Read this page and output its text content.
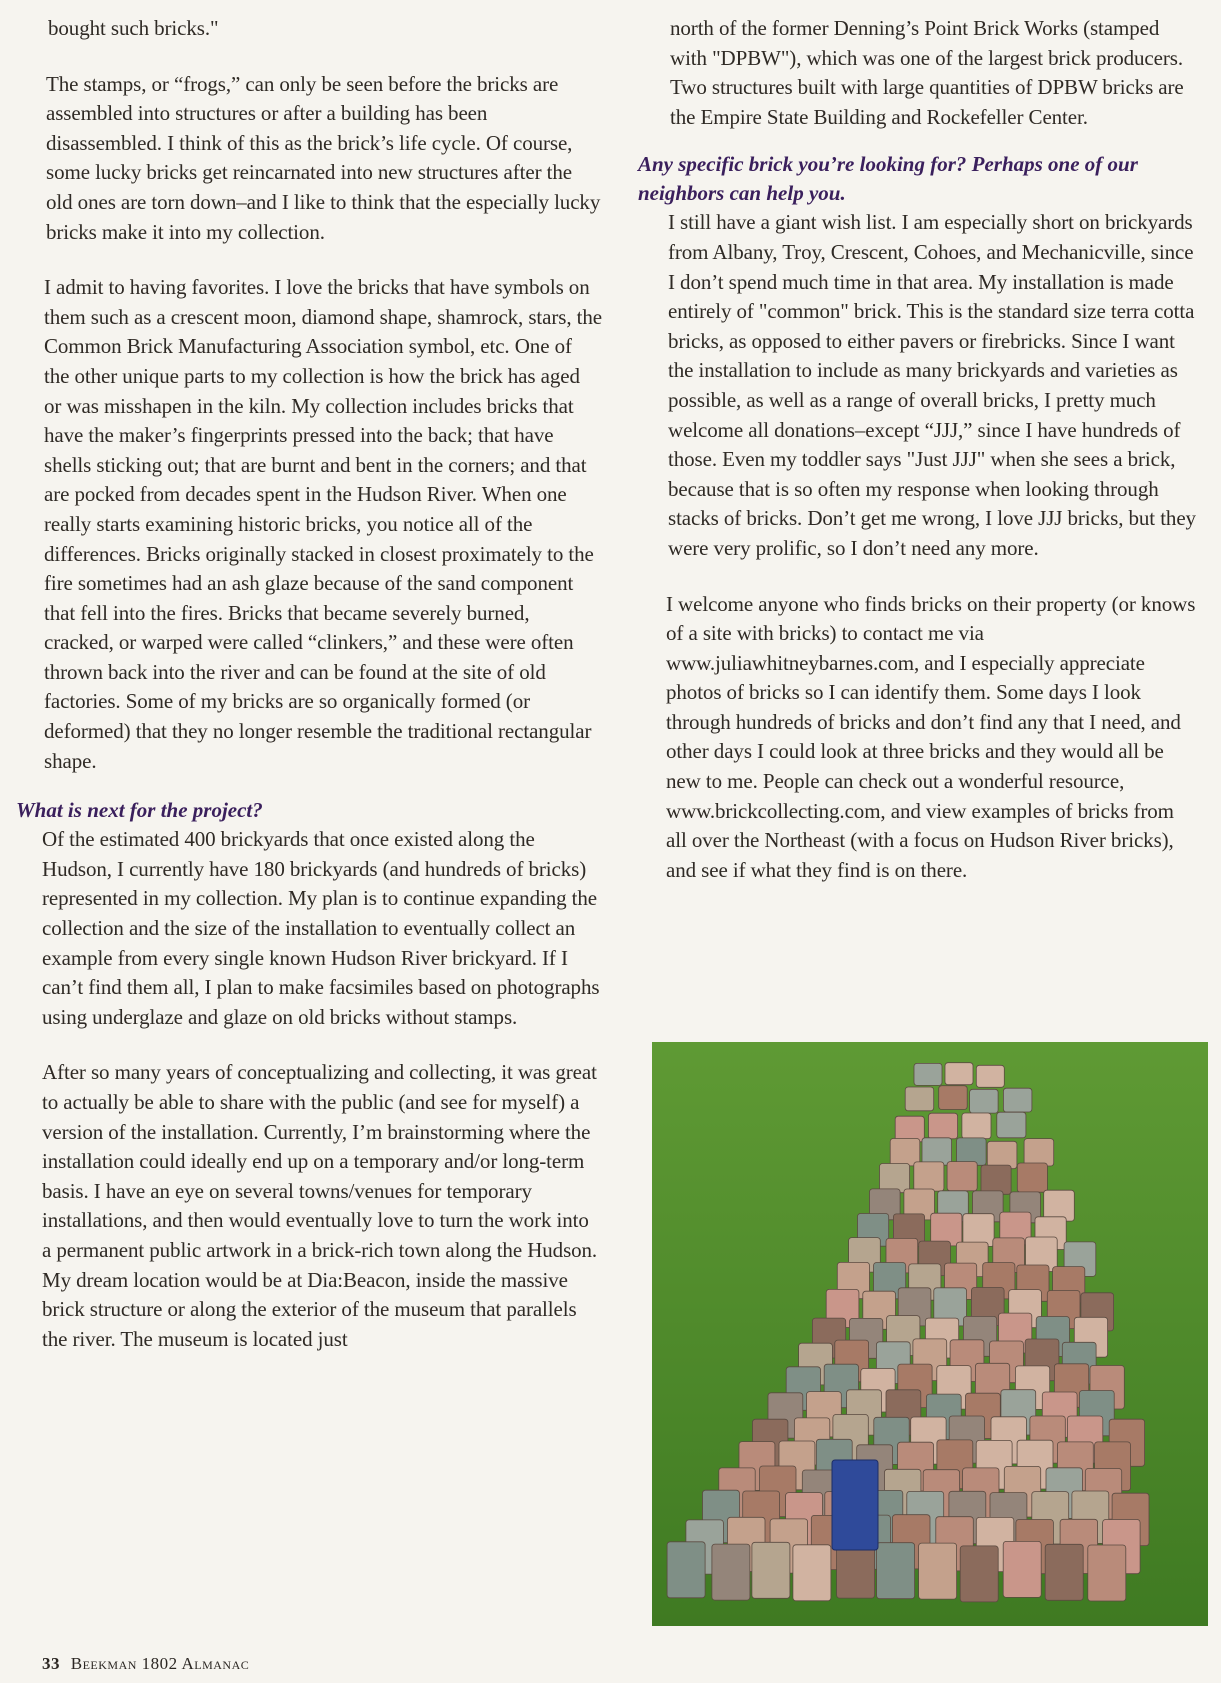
bought such bricks."

The stamps, or “frogs,” can only be seen before the bricks are assembled into structures or after a building has been disassembled. I think of this as the brick’s life cycle. Of course, some lucky bricks get reincarnated into new structures after the old ones are torn down–and I like to think that the especially lucky bricks make it into my collection.

I admit to having favorites. I love the bricks that have symbols on them such as a crescent moon, diamond shape, shamrock, stars, the Common Brick Manufacturing Association symbol, etc. One of the other unique parts to my collection is how the brick has aged or was misshapen in the kiln. My collection includes bricks that have the maker’s fingerprints pressed into the back; that have shells sticking out; that are burnt and bent in the corners; and that are pocked from decades spent in the Hudson River. When one really starts examining historic bricks, you notice all of the differences. Bricks originally stacked in closest proximately to the fire sometimes had an ash glaze because of the sand component that fell into the fires. Bricks that became severely burned, cracked, or warped were called “clinkers,” and these were often thrown back into the river and can be found at the site of old factories. Some of my bricks are so organically formed (or deformed) that they no longer resemble the traditional rectangular shape.

What is next for the project?

Of the estimated 400 brickyards that once existed along the Hudson, I currently have 180 brickyards (and hundreds of bricks) represented in my collection. My plan is to continue expanding the collection and the size of the installation to eventually collect an example from every single known Hudson River brickyard. If I can’t find them all, I plan to make facsimiles based on photographs using underglaze and glaze on old bricks without stamps.

After so many years of conceptualizing and collecting, it was great to actually be able to share with the public (and see for myself) a version of the installation. Currently, I’m brainstorming where the installation could ideally end up on a temporary and/or long-term basis. I have an eye on several towns/venues for temporary installations, and then would eventually love to turn the work into a permanent public artwork in a brick-rich town along the Hudson. My dream location would be at Dia:Beacon, inside the massive brick structure or along the exterior of the museum that parallels the river. The museum is located just

north of the former Denning’s Point Brick Works (stamped with "DPBW"), which was one of the largest brick producers. Two structures built with large quantities of DPBW bricks are the Empire State Building and Rockefeller Center.

Any specific brick you’re looking for? Perhaps one of our neighbors can help you.

I still have a giant wish list. I am especially short on brickyards from Albany, Troy, Crescent, Cohoes, and Mechanicville, since I don’t spend much time in that area. My installation is made entirely of "common" brick. This is the standard size terra cotta bricks, as opposed to either pavers or firebricks. Since I want the installation to include as many brickyards and varieties as possible, as well as a range of overall bricks, I pretty much welcome all donations–except “JJJ,” since I have hundreds of those. Even my toddler says "Just JJJ" when she sees a brick, because that is so often my response when looking through stacks of bricks. Don’t get me wrong, I love JJJ bricks, but they were very prolific, so I don’t need any more.

I welcome anyone who finds bricks on their property (or knows of a site with bricks) to contact me via www.juliawhitneybarnes.com, and I especially appreciate photos of bricks so I can identify them. Some days I look through hundreds of bricks and don’t find any that I need, and other days I could look at three bricks and they would all be new to me. People can check out a wonderful resource, www.brickcollecting.com, and view examples of bricks from all over the Northeast (with a focus on Hudson River bricks), and see if what they find is on there.

33 Beekman 1802 Almanac
